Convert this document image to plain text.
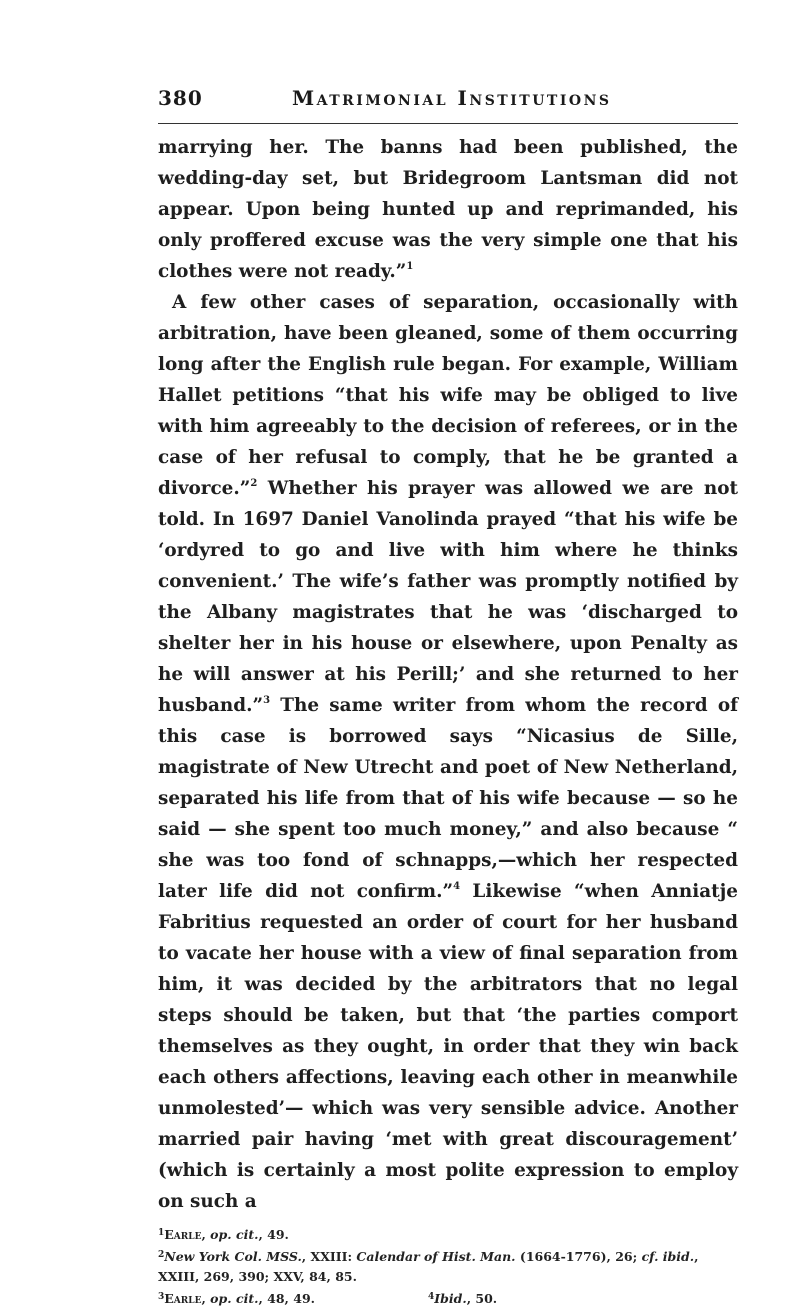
380	Matrimonial Institutions

marrying her. The banns had been published, the wedding-day set, but Bridegroom Lantsman did not appear. Upon being hunted up and reprimanded, his only proffered excuse was the very simple one that his clothes were not ready.”$^1$

A few other cases of separation, occasionally with arbitration, have been gleaned, some of them occurring long after the English rule began. For example, William Hallet petitions “that his wife may be obliged to live with him agreeably to the decision of referees, or in the case of her refusal to comply, that he be granted a divorce.”$^2$ Whether his prayer was allowed we are not told. In 1697 Daniel Vanolinda prayed “that his wife be ‘ordyred to go and live with him where he thinks convenient.’ The wife’s father was promptly notified by the Albany magistrates that he was ‘discharged to shelter her in his house or elsewhere, upon Penalty as he will answer at his Perill;’ and she returned to her husband.”$^3$ The same writer from whom the record of this case is borrowed says “Nicasius de Sille, magistrate of New Utrecht and poet of New Netherland, separated his life from that of his wife because — so he said — she spent too much money,” and also because “ she was too fond of schnapps,—which her respected later life did not confirm.”$^4$ Likewise “when Anniatje Fabritius requested an order of court for her husband to vacate her house with a view of final separation from him, it was decided by the arbitrators that no legal steps should be taken, but that ‘the parties comport themselves as they ought, in order that they win back each others affections, leaving each other in meanwhile unmolested’— which was very sensible advice. Another married pair having ‘met with great discouragement’ (which is certainly a most polite expression to employ on such a

$^1$Earle, op. cit., 49.

$^2$New York Col. MSS., XXIII: Calendar of Hist. Man. (1664-1776), 26; cf. ibid.,
XXIII, 269, 390; XXV, 84, 85.

$^3$Earle, op. cit., 48, 49.	$^4$Ibid., 50.
